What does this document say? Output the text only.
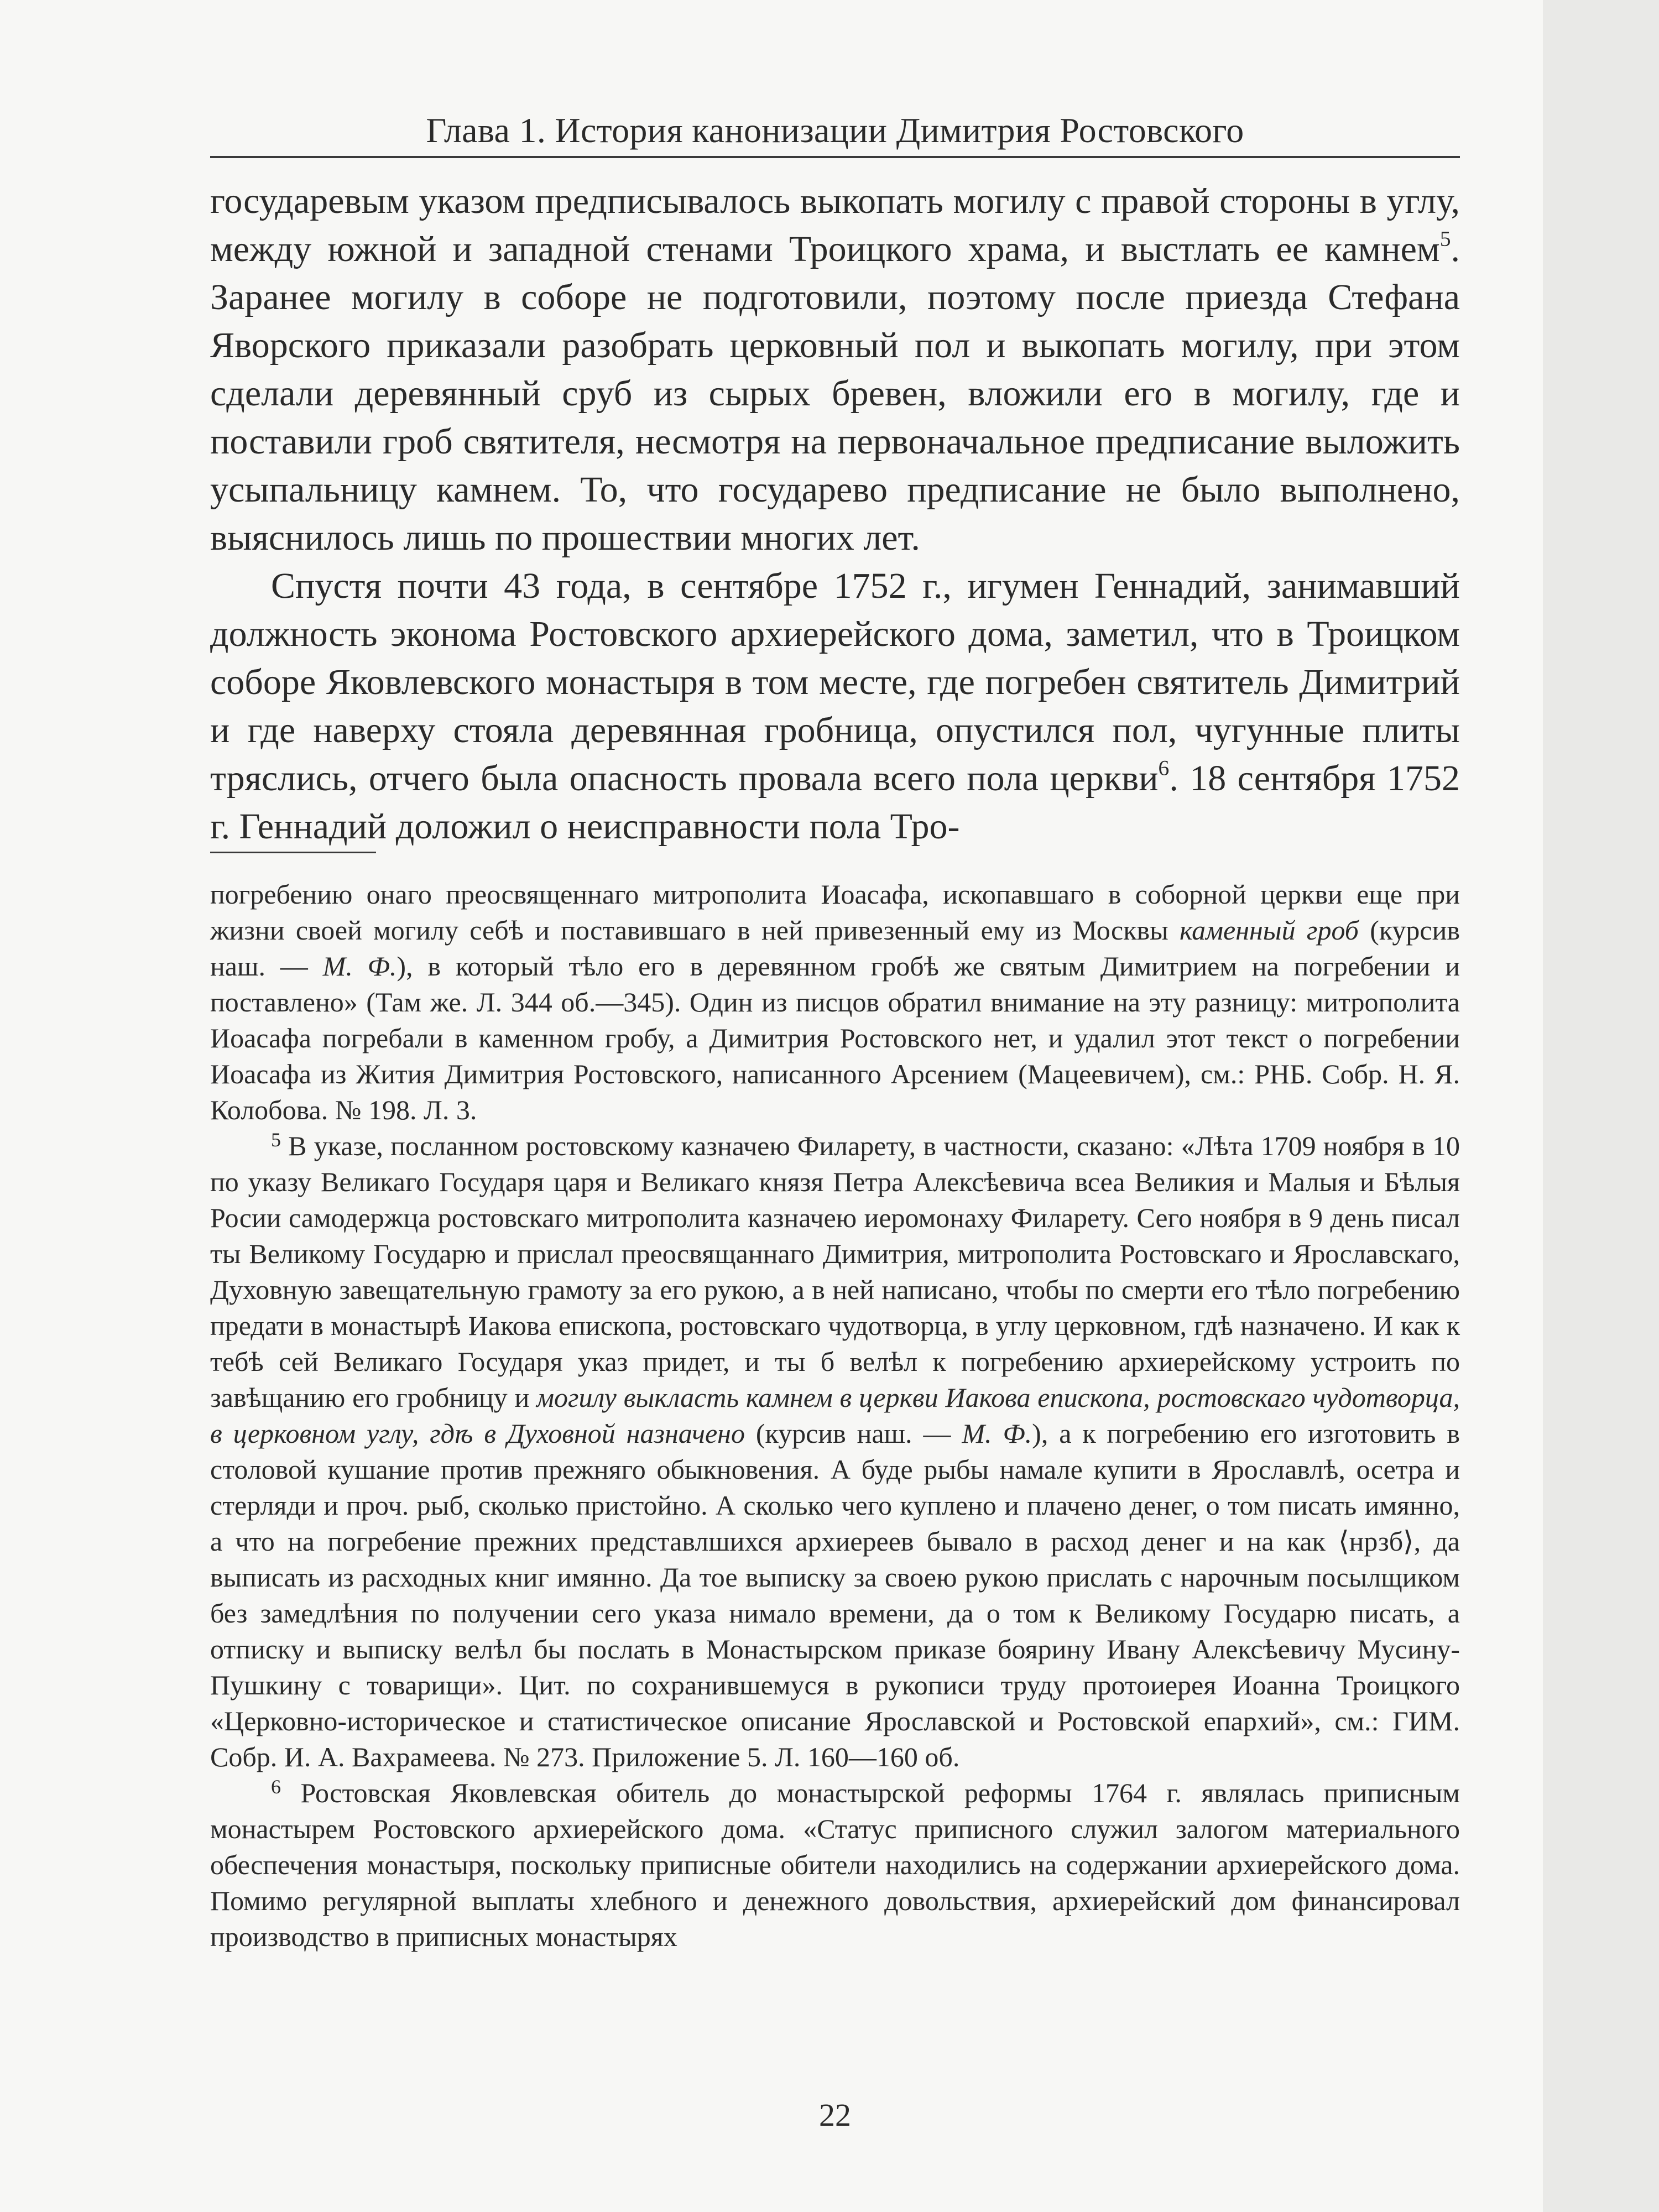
Глава 1. История канонизации Димитрия Ростовского

государевым указом предписывалось выкопать могилу с правой стороны в углу, между южной и западной стенами Троицкого храма, и выстлать ее камнем$^5$. Заранее могилу в соборе не подготовили, поэтому после приезда Стефана Яворского приказали разобрать церковный пол и выкопать могилу, при этом сделали деревянный сруб из сырых бревен, вложили его в могилу, где и поставили гроб святителя, несмотря на первоначальное предписание выложить усыпальницу камнем. То, что государево предписание не было выполнено, выяснилось лишь по прошествии многих лет.

Спустя почти 43 года, в сентябре 1752 г., игумен Геннадий, занимавший должность эконома Ростовского архиерейского дома, заметил, что в Троицком соборе Яковлевского монастыря в том месте, где погребен святитель Димитрий и где наверху стояла деревянная гробница, опустился пол, чугунные плиты тряслись, отчего была опасность провала всего пола церкви$^6$. 18 сентября 1752 г. Геннадий доложил о неисправности пола Тро-

погребению онаго преосвященнаго митрополита Иоасафа, ископавшаго в соборной церкви еще при жизни своей могилу себѣ и поставившаго в ней привезенный ему из Москвы каменный гроб (курсив наш. — М. Ф.), в который тѣло его в деревянном гробѣ же святым Димитрием на погребении и поставлено» (Там же. Л. 344 об.—345). Один из писцов обратил внимание на эту разницу: митрополита Иоасафа погребали в каменном гробу, а Димитрия Ростовского нет, и удалил этот текст о погребении Иоасафа из Жития Димитрия Ростовского, написанного Арсением (Мацеевичем), см.: РНБ. Собр. Н. Я. Колобова. № 198. Л. 3.

$^5$ В указе, посланном ростовскому казначею Филарету, в частности, сказано: «Лѣта 1709 ноября в 10 по указу Великаго Государя царя и Великаго князя Петра Алексѣевича всеа Великия и Малыя и Бѣлыя Росии самодержца ростовскаго митрополита казначею иеромонаху Филарету. Сего ноября в 9 день писал ты Великому Государю и прислал преосвящаннаго Димитрия, митрополита Ростовскаго и Ярославскаго, Духовную завещательную грамоту за его рукою, а в ней написано, чтобы по смерти его тѣло погребению предати в монастырѣ Иакова епископа, ростовскаго чудотворца, в углу церковном, гдѣ назначено. И как к тебѣ сей Великаго Государя указ придет, и ты б велѣл к погребению архиерейскому устроить по завѣщанию его гробницу и могилу выкласть камнем в церкви Иакова епископа, ростовскаго чудотворца, в церковном углу, гдѣ в Духовной назначено (курсив наш. — М. Ф.), а к погребению его изготовить в столовой кушание против прежняго обыкновения. А буде рыбы намале купити в Ярославлѣ, осетра и стерляди и проч. рыб, сколько пристойно. А сколько чего куплено и плачено денег, о том писать имянно, а что на погребение прежних представлшихся архиереев бывало в расход денег и на как ⟨нрзб⟩, да выписать из расходных книг имянно. Да тое выписку за своею рукою прислать с нарочным посылщиком без замедлѣния по получении сего указа нимало времени, да о том к Великому Государю писать, а отписку и выписку велѣл бы послать в Монастырском приказе боярину Ивану Алексѣевичу Мусину-Пушкину с товарищи». Цит. по сохранившемуся в рукописи труду протоиерея Иоанна Троицкого «Церковно-историческое и статистическое описание Ярославской и Ростовской епархий», см.: ГИМ. Собр. И. А. Вахрамеева. № 273. Приложение 5. Л. 160—160 об.

$^6$ Ростовская Яковлевская обитель до монастырской реформы 1764 г. являлась приписным монастырем Ростовского архиерейского дома. «Статус приписного служил залогом материального обеспечения монастыря, поскольку приписные обители находились на содержании архиерейского дома. Помимо регулярной выплаты хлебного и денежного довольствия, архиерейский дом финансировал производство в приписных монастырях

22
